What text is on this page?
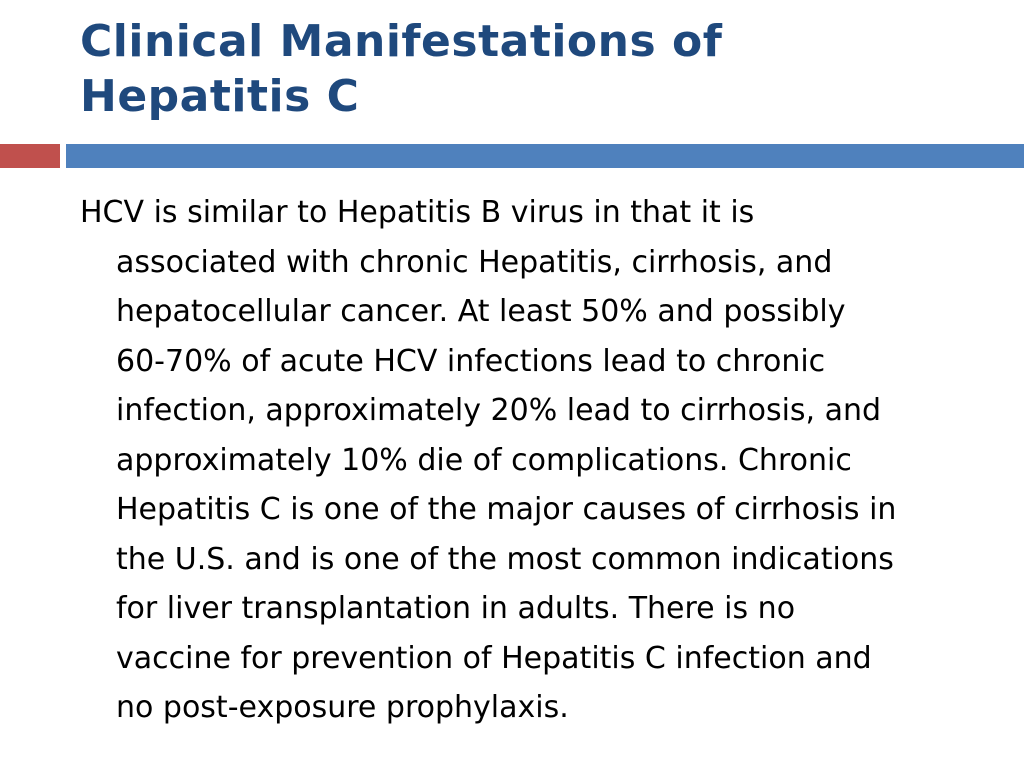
Clinical Manifestations of
Hepatitis C

HCV is similar to Hepatitis B virus in that it is
associated with chronic Hepatitis, cirrhosis, and
hepatocellular cancer. At least 50% and possibly
60-70% of acute HCV infections lead to chronic
infection, approximately 20% lead to cirrhosis, and
approximately 10% die of complications. Chronic
Hepatitis C is one of the major causes of cirrhosis in
the U.S. and is one of the most common indications
for liver transplantation in adults. There is no
vaccine for prevention of Hepatitis C infection and
no post-exposure prophylaxis.
